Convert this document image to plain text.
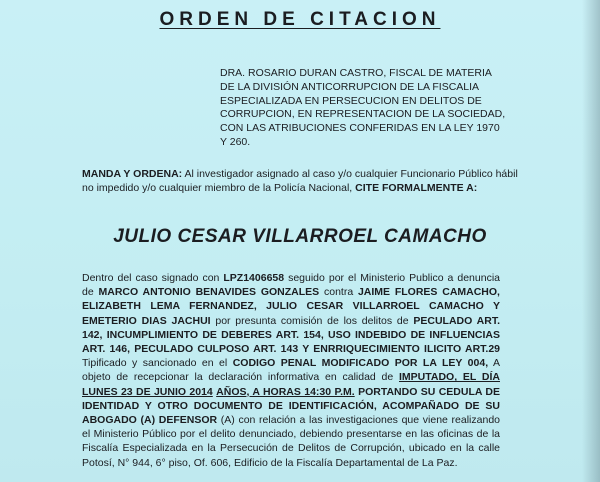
ORDEN DE CITACION
DRA. ROSARIO DURAN CASTRO, FISCAL DE MATERIA
DE LA DIVISIÓN ANTICORRUPCION DE LA FISCALIA
ESPECIALIZADA EN PERSECUCION EN DELITOS DE
CORRUPCION, EN REPRESENTACION DE LA SOCIEDAD,
CON LAS ATRIBUCIONES CONFERIDAS EN LA LEY 1970
Y 260.
MANDA Y ORDENA: Al investigador asignado al caso y/o cualquier Funcionario Público hábil
no impedido y/o cualquier miembro de la Policía Nacional, CITE FORMALMENTE A:
JULIO CESAR VILLARROEL CAMACHO
Dentro del caso signado con LPZ1406658 seguido por el Ministerio Publico a denuncia de MARCO ANTONIO BENAVIDES GONZALES contra JAIME FLORES CAMACHO, ELIZABETH LEMA FERNANDEZ, JULIO CESAR VILLARROEL CAMACHO Y EMETERIO DIAS JACHUI por presunta comisión de los delitos de PECULADO ART. 142, INCUMPLIMIENTO DE DEBERES ART. 154, USO INDEBIDO DE INFLUENCIAS ART. 146, PECULADO CULPOSO ART. 143 Y ENRRIQUECIMIENTO ILICITO ART.29 Tipificado y sancionado en el CODIGO PENAL MODIFICADO POR LA LEY 004, A objeto de recepcionar la declaración informativa en calidad de IMPUTADO, EL DÍA LUNES 23 DE JUNIO 2014 AÑOS, A HORAS 14:30 P.M. PORTANDO SU CEDULA DE IDENTIDAD Y OTRO DOCUMENTO DE IDENTIFICACIÓN, ACOMPAÑADO DE SU ABOGADO (A) DEFENSOR (A) con relación a las investigaciones que viene realizando el Ministerio Público por el delito denunciado, debiendo presentarse en las oficinas de la Fiscalía Especializada en la Persecución de Delitos de Corrupción, ubicado en la calle Potosí, N° 944, 6° piso, Of. 606, Edificio de la Fiscalía Departamental de La Paz.
